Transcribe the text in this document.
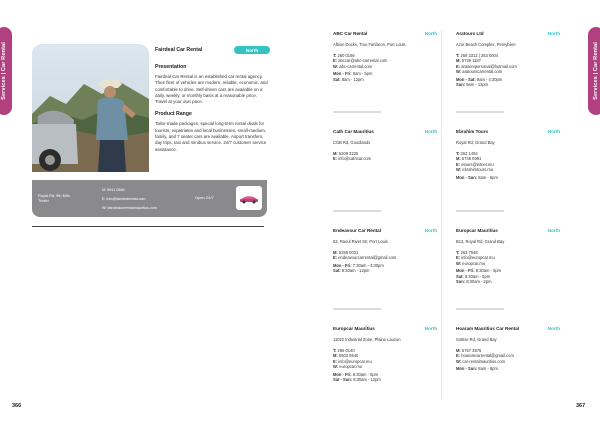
Services | Car Rental	Services | Car Rental
Fairdeal Car Rental	North
Presentation
Fairdeal Car Rental is an established car rental agency. Their fleet of vehicles are modern, reliable, economic, and comfortable to drive. Self-driven cars are available on a daily, weekly, or monthly basis at a reasonable price. Travel at your own pace.
Product Range
Tailor-made packages, special long-term rental deals for tourists, expatriates and local businesses, small-medium, family, and 7 seater cars are available. Airport transfers, day trips, taxi and minibus service. 24/7 customer service assistance.
Royal Rd, 9th Mile, Triolet
M: 5941 0566
E: info@fairdealrental.com
W: fairdealcarrentalmauritius.com
Open 24/7
ABC Car Rental	North
Albion Docks, Trou Fanfaron, Port Louis
T: 260 0166
E: abccar@abc-carrental.com
W: abc-carrental.com
Mon - Fri: 8am - 5pm
Sat: 8am - 12pm
Aratours Ltd	North
Azur Beach Complex, Pereybère
T: 269 3312 | 263 0004
M: 5729 1187
E: araservpersonal@hotmail.com
W: aratourscarrental.com
Mon - Sat: 9am - 4:30pm
Sun: 9am - 12pm
Cath Car Mauritius	North
CGB Rd, Goodlands
M: 5209 3225
E: info@cathcar.com
Ebrahim Tours	North
Royal Rd, Grand Bay
T: 263 1454
M: 5746 0991
E: etours@intnet.mu
W: ebrahimtours.mu
Mon - Sun: 8am - 6pm
Endeavour Car Rental	North
63, Raoul Rivet Str, Port Louis
M: 5259 0031
E: endeavourcarrental@gmail.com
Mon - Fri: 7:30am - 4:30pm
Sat: 8:30am - 12pm
Europcar Mauritius	North
B13, Royal Rd, Grand Bay
T: 263 7948
E: info@europcar.mu
W: europcar.mu
Mon - Fri: 8:30am - 5pm
Sat: 8:30am - 5pm
Sun: 8:30am - 2pm
Europcar Mauritius	North
11022 Industrial Zone, Plaine Lauzun
T: 286 0140
M: 5503 9540
E: info@europcar.mu
W: europcar.mu
Mon - Fri: 8:30am - 5pm
Sat - Sun: 8:30am - 12pm
Hoaram Mauritius Car Rental	North
Sottise Rd, Grand Bay
M: 5767 3875
E: hoaramcarrental@gmail.com
W: car-rentalmauritius.com
Mon - Sun: 8am - 8pm
366	367
